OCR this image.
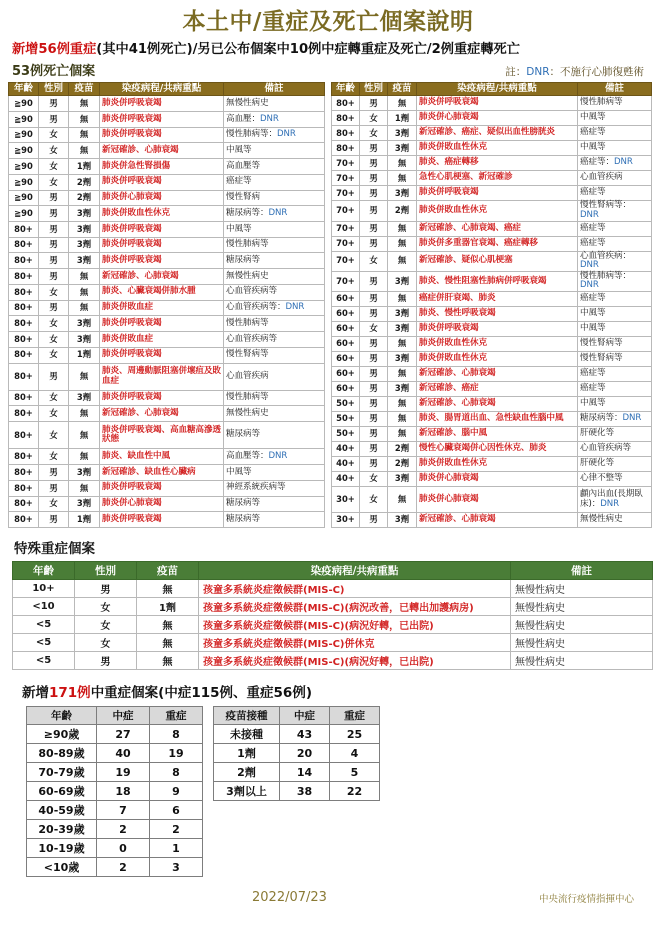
本土中/重症及死亡個案說明
新增56例重症(其中41例死亡)/另已公布個案中10例中症轉重症及死亡/2例重症轉死亡
53例死亡個案	註：DNR：不施行心肺復甦術
年齡	性別	疫苗	染疫病程/共病重點	備註
≧90	男	無	肺炎併呼吸衰竭	無慢性病史
≧90	男	無	肺炎併呼吸衰竭	高血壓：DNR
≧90	女	無	肺炎併呼吸衰竭	慢性肺病等：DNR
≧90	女	無	新冠確診、心肺衰竭	中風等
≧90	女	1劑	肺炎併急性腎損傷	高血壓等
≧90	女	2劑	肺炎併呼吸衰竭	癌症等
≧90	男	2劑	肺炎併心肺衰竭	慢性腎病
≧90	男	3劑	肺炎併敗血性休克	糖尿病等：DNR
80+	男	3劑	肺炎併呼吸衰竭	中風等
80+	男	3劑	肺炎併呼吸衰竭	慢性肺病等
80+	男	3劑	肺炎併呼吸衰竭	糖尿病等
80+	男	無	新冠確診、心肺衰竭	無慢性病史
80+	女	無	肺炎、心臟衰竭併肺水腫	心血管疾病等
80+	男	無	肺炎併敗血症	心血管疾病等：DNR
80+	女	3劑	肺炎併呼吸衰竭	慢性肺病等
80+	女	3劑	肺炎併敗血症	心血管疾病等
80+	女	1劑	肺炎併呼吸衰竭	慢性腎病等
80+	男	無	肺炎、周邊動脈阻塞併壞疽及敗血症	心血管疾病
80+	女	3劑	肺炎併呼吸衰竭	慢性肺病等
80+	女	無	新冠確診、心肺衰竭	無慢性病史
80+	女	無	肺炎併呼吸衰竭、高血糖高滲透狀態	糖尿病等
80+	女	無	肺炎、缺血性中風	高血壓等：DNR
80+	男	3劑	新冠確診、缺血性心臟病	中風等
80+	男	無	肺炎併呼吸衰竭	神經系統疾病等
80+	女	3劑	肺炎併心肺衰竭	糖尿病等
80+	男	1劑	肺炎併呼吸衰竭	糖尿病等
年齡	性別	疫苗	染疫病程/共病重點	備註
80+	男	無	肺炎併呼吸衰竭	慢性肺病等
80+	女	1劑	肺炎併心肺衰竭	中風等
80+	女	3劑	新冠確診、癌症、疑似出血性膀胱炎	癌症等
80+	男	3劑	肺炎併敗血性休克	中風等
70+	男	無	肺炎、癌症轉移	癌症等：DNR
70+	男	無	急性心肌梗塞、新冠確診	心血管疾病
70+	男	3劑	肺炎併呼吸衰竭	癌症等
70+	男	2劑	肺炎併敗血性休克	慢性腎病等：DNR
70+	男	無	新冠確診、心肺衰竭、癌症	癌症等
70+	男	無	肺炎併多重器官衰竭、癌症轉移	癌症等
70+	女	無	新冠確診、疑似心肌梗塞	心血管疾病：DNR
70+	男	3劑	肺炎、慢性阻塞性肺病併呼吸衰竭	慢性肺病等：DNR
60+	男	無	癌症併肝衰竭、肺炎	癌症等
60+	男	3劑	肺炎、慢性呼吸衰竭	中風等
60+	女	3劑	肺炎併呼吸衰竭	中風等
60+	男	無	肺炎併敗血性休克	慢性腎病等
60+	男	3劑	肺炎併敗血性休克	慢性腎病等
60+	男	無	新冠確診、心肺衰竭	癌症等
60+	男	3劑	新冠確診、癌症	癌症等
50+	男	無	新冠確診、心肺衰竭	中風等
50+	男	無	肺炎、腸胃道出血、急性缺血性腦中風	糖尿病等：DNR
50+	男	無	新冠確診、腦中風	肝硬化等
40+	男	2劑	慢性心臟衰竭併心因性休克、肺炎	心血管疾病等
40+	男	2劑	肺炎併敗血性休克	肝硬化等
40+	女	3劑	肺炎併心肺衰竭	心律不整等
30+	女	無	肺炎併心肺衰竭	顱內出血(長期臥床)：DNR
30+	男	3劑	新冠確診、心肺衰竭	無慢性病史
特殊重症個案
年齡	性別	疫苗	染疫病程/共病重點	備註
10+	男	無	孩童多系統炎症徵候群(MIS-C)	無慢性病史
<10	女	1劑	孩童多系統炎症徵候群(MIS-C)(病況改善，已轉出加護病房)	無慢性病史
<5	女	無	孩童多系統炎症徵候群(MIS-C)(病況好轉，已出院)	無慢性病史
<5	女	無	孩童多系統炎症徵候群(MIS-C)併休克	無慢性病史
<5	男	無	孩童多系統炎症徵候群(MIS-C)(病況好轉，已出院)	無慢性病史
新增171例中重症個案(中症115例、重症56例)
年齡	中症	重症
≥90歲	27	8
80-89歲	40	19
70-79歲	19	8
60-69歲	18	9
40-59歲	7	6
20-39歲	2	2
10-19歲	0	1
<10歲	2	3
疫苗接種	中症	重症
未接種	43	25
1劑	20	4
2劑	14	5
3劑以上	38	22
2022/07/23	中央流行疫情指揮中心
